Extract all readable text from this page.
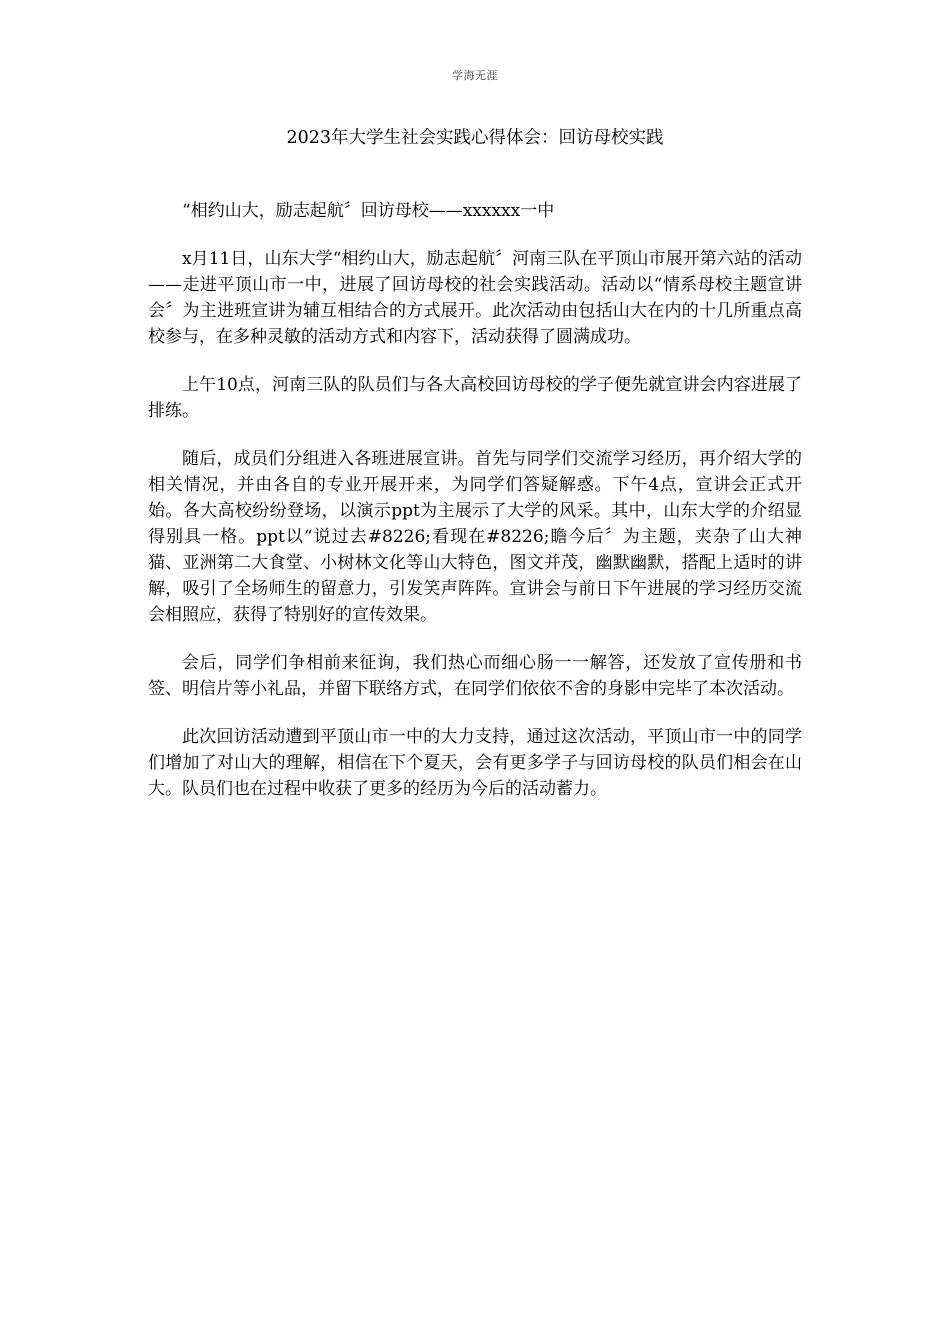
学海无涯
2023年大学生社会实践心得体会：回访母校实践

“相约山大，励志起航〞回访母校——xxxxxx一中

x月11日，山东大学“相约山大，励志起航〞河南三队在平顶山市展开第六站的活动——走进平顶山市一中，进展了回访母校的社会实践活动。活动以“情系母校主题宣讲会〞为主进班宣讲为辅互相结合的方式展开。此次活动由包括山大在内的十几所重点高校参与，在多种灵敏的活动方式和内容下，活动获得了圆满成功。

上午10点，河南三队的队员们与各大高校回访母校的学子便先就宣讲会内容进展了排练。

随后，成员们分组进入各班进展宣讲。首先与同学们交流学习经历，再介绍大学的相关情况，并由各自的专业开展开来，为同学们答疑解惑。下午4点，宣讲会正式开始。各大高校纷纷登场，以演示ppt为主展示了大学的风采。其中，山东大学的介绍显得别具一格。ppt以“说过去#8226;看现在#8226;瞻今后〞为主题，夹杂了山大神猫、亚洲第二大食堂、小树林文化等山大特色，图文并茂，幽默幽默，搭配上适时的讲解，吸引了全场师生的留意力，引发笑声阵阵。宣讲会与前日下午进展的学习经历交流会相照应，获得了特别好的宣传效果。

会后，同学们争相前来征询，我们热心而细心肠一一解答，还发放了宣传册和书签、明信片等小礼品，并留下联络方式，在同学们依依不舍的身影中完毕了本次活动。

此次回访活动遭到平顶山市一中的大力支持，通过这次活动，平顶山市一中的同学们增加了对山大的理解，相信在下个夏天，会有更多学子与回访母校的队员们相会在山大。队员们也在过程中收获了更多的经历为今后的活动蓄力。
